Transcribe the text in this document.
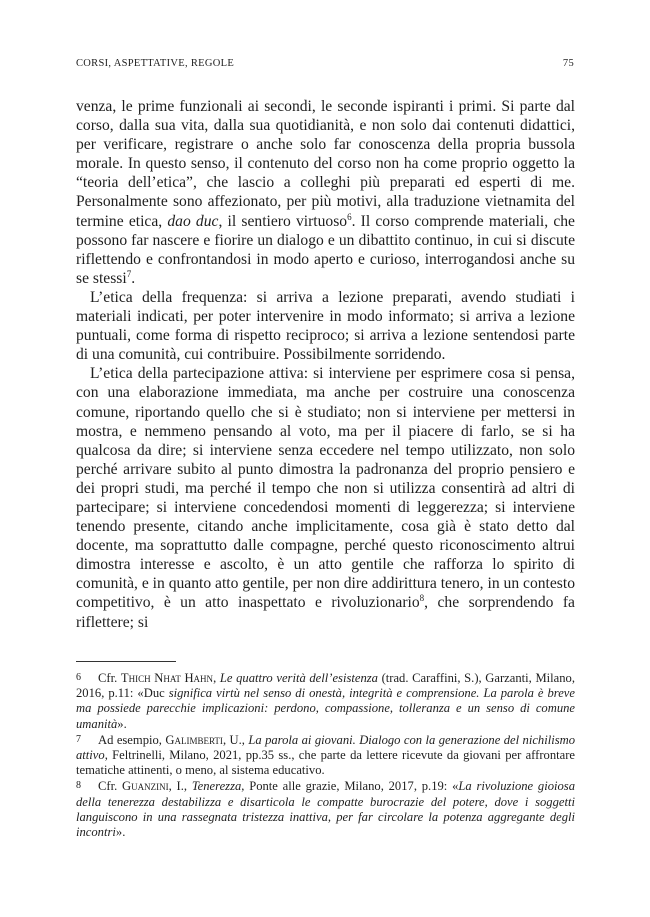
CORSI, ASPETTATIVE, REGOLE	75

venza, le prime funzionali ai secondi, le seconde ispiranti i primi. Si parte dal corso, dalla sua vita, dalla sua quotidianità, e non solo dai contenuti didattici, per verificare, registrare o anche solo far conoscenza della propria bussola morale. In questo senso, il contenuto del corso non ha come proprio oggetto la “teoria dell’etica”, che lascio a colleghi più preparati ed esperti di me. Personalmente sono affezionato, per più motivi, alla traduzione vietnamita del termine etica, dao duc, il sentiero virtuoso$^6$. Il corso comprende materiali, che possono far nascere e fiorire un dialogo e un dibattito continuo, in cui si discute riflettendo e confrontandosi in modo aperto e curioso, interrogandosi anche su se stessi$^7$.

L’etica della frequenza: si arriva a lezione preparati, avendo studiati i materiali indicati, per poter intervenire in modo informato; si arriva a lezione puntuali, come forma di rispetto reciproco; si arriva a lezione sentendosi parte di una comunità, cui contribuire. Possibilmente sorridendo.

L’etica della partecipazione attiva: si interviene per esprimere cosa si pensa, con una elaborazione immediata, ma anche per costruire una conoscenza comune, riportando quello che si è studiato; non si interviene per mettersi in mostra, e nemmeno pensando al voto, ma per il piacere di farlo, se si ha qualcosa da dire; si interviene senza eccedere nel tempo utilizzato, non solo perché arrivare subito al punto dimostra la padronanza del proprio pensiero e dei propri studi, ma perché il tempo che non si utilizza consentirà ad altri di partecipare; si interviene concedendosi momenti di leggerezza; si interviene tenendo presente, citando anche implicitamente, cosa già è stato detto dal docente, ma soprattutto dalle compagne, perché questo riconoscimento altrui dimostra interesse e ascolto, è un atto gentile che rafforza lo spirito di comunità, e in quanto atto gentile, per non dire addirittura tenero, in un contesto competitivo, è un atto inaspettato e rivoluzionario$^8$, che sorprendendo fa riflettere; si

6 Cfr. Thich Nhat Hahn, Le quattro verità dell’esistenza (trad. Caraffini, S.), Garzanti, Milano, 2016, p.11: «Duc significa virtù nel senso di onestà, integrità e comprensione. La parola è breve ma possiede parecchie implicazioni: perdono, compassione, tolleranza e un senso di comune umanità».

7 Ad esempio, Galimberti, U., La parola ai giovani. Dialogo con la generazione del nichilismo attivo, Feltrinelli, Milano, 2021, pp.35 ss., che parte da lettere ricevute da giovani per affrontare tematiche attinenti, o meno, al sistema educativo.

8 Cfr. Guanzini, I., Tenerezza, Ponte alle grazie, Milano, 2017, p.19: «La rivoluzione gioiosa della tenerezza destabilizza e disarticola le compatte burocrazie del potere, dove i soggetti languiscono in una rassegnata tristezza inattiva, per far circolare la potenza aggregante degli incontri».
